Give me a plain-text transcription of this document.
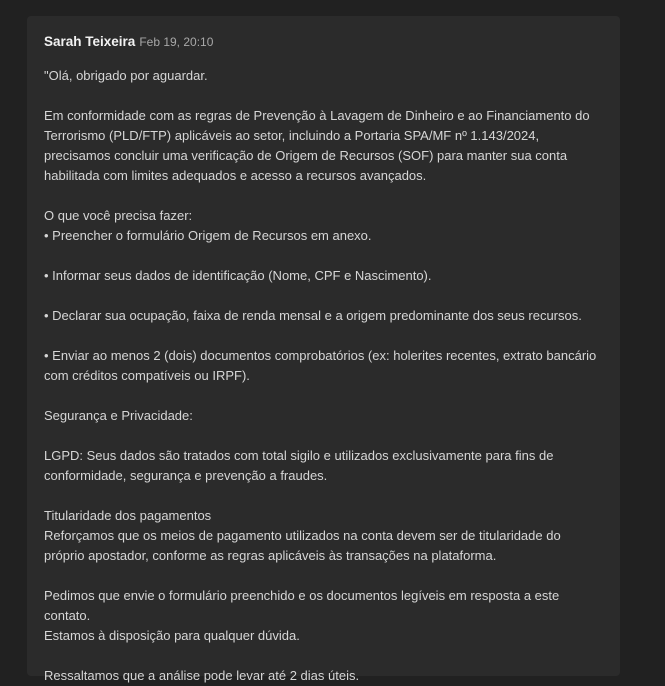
Sarah Teixeira Feb 19, 20:10

"Olá, obrigado por aguardar.

Em conformidade com as regras de Prevenção à Lavagem de Dinheiro e ao Financiamento do Terrorismo (PLD/FTP) aplicáveis ao setor, incluindo a Portaria SPA/MF nº 1.143/2024, precisamos concluir uma verificação de Origem de Recursos (SOF) para manter sua conta habilitada com limites adequados e acesso a recursos avançados.

O que você precisa fazer:

• Preencher o formulário Origem de Recursos em anexo.

• Informar seus dados de identificação (Nome, CPF e Nascimento).

• Declarar sua ocupação, faixa de renda mensal e a origem predominante dos seus recursos.

• Enviar ao menos 2 (dois) documentos comprobatórios (ex: holerites recentes, extrato bancário com créditos compatíveis ou IRPF).

Segurança e Privacidade:

LGPD: Seus dados são tratados com total sigilo e utilizados exclusivamente para fins de conformidade, segurança e prevenção a fraudes.

Titularidade dos pagamentos

Reforçamos que os meios de pagamento utilizados na conta devem ser de titularidade do próprio apostador, conforme as regras aplicáveis às transações na plataforma.

Pedimos que envie o formulário preenchido e os documentos legíveis em resposta a este contato.

Estamos à disposição para qualquer dúvida.

Ressaltamos que a análise pode levar até 2 dias úteis.
